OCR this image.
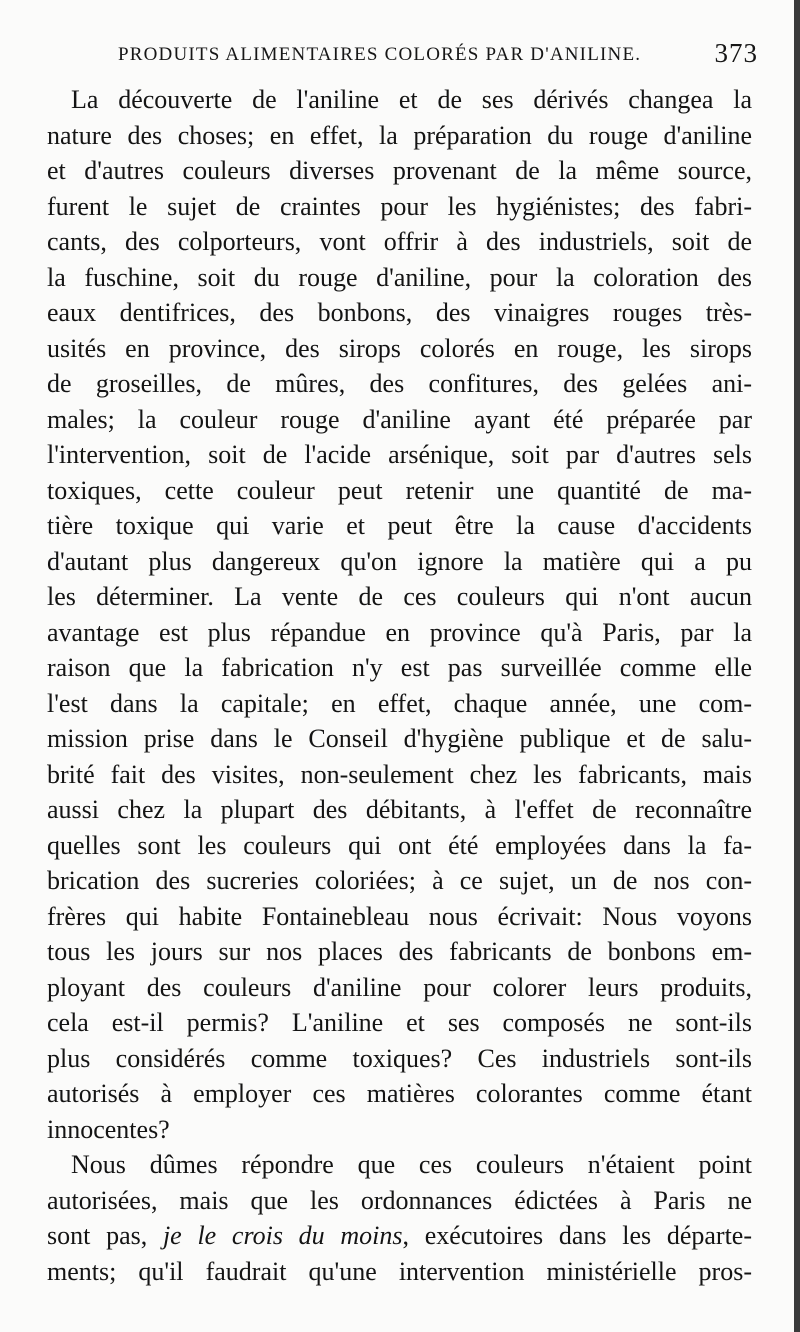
PRODUITS ALIMENTAIRES COLORÉS PAR D'ANILINE.	373
La découverte de l'aniline et de ses dérivés changea la
nature des choses; en effet, la préparation du rouge d'aniline
et d'autres couleurs diverses provenant de la même source,
furent le sujet de craintes pour les hygiénistes; des fabri-
cants, des colporteurs, vont offrir à des industriels, soit de
la fuschine, soit du rouge d'aniline, pour la coloration des
eaux dentifrices, des bonbons, des vinaigres rouges très-
usités en province, des sirops colorés en rouge, les sirops
de groseilles, de mûres, des confitures, des gelées ani-
males; la couleur rouge d'aniline ayant été préparée par
l'intervention, soit de l'acide arsénique, soit par d'autres sels
toxiques, cette couleur peut retenir une quantité de ma-
tière toxique qui varie et peut être la cause d'accidents
d'autant plus dangereux qu'on ignore la matière qui a pu
les déterminer. La vente de ces couleurs qui n'ont aucun
avantage est plus répandue en province qu'à Paris, par la
raison que la fabrication n'y est pas surveillée comme elle
l'est dans la capitale; en effet, chaque année, une com-
mission prise dans le Conseil d'hygiène publique et de salu-
brité fait des visites, non-seulement chez les fabricants, mais
aussi chez la plupart des débitants, à l'effet de reconnaître
quelles sont les couleurs qui ont été employées dans la fa-
brication des sucreries coloriées; à ce sujet, un de nos con-
frères qui habite Fontainebleau nous écrivait: Nous voyons
tous les jours sur nos places des fabricants de bonbons em-
ployant des couleurs d'aniline pour colorer leurs produits,
cela est-il permis? L'aniline et ses composés ne sont-ils
plus considérés comme toxiques? Ces industriels sont-ils
autorisés à employer ces matières colorantes comme étant
innocentes?
Nous dûmes répondre que ces couleurs n'étaient point
autorisées, mais que les ordonnances édictées à Paris ne
sont pas, je le crois du moins, exécutoires dans les départe-
ments; qu'il faudrait qu'une intervention ministérielle pros-
